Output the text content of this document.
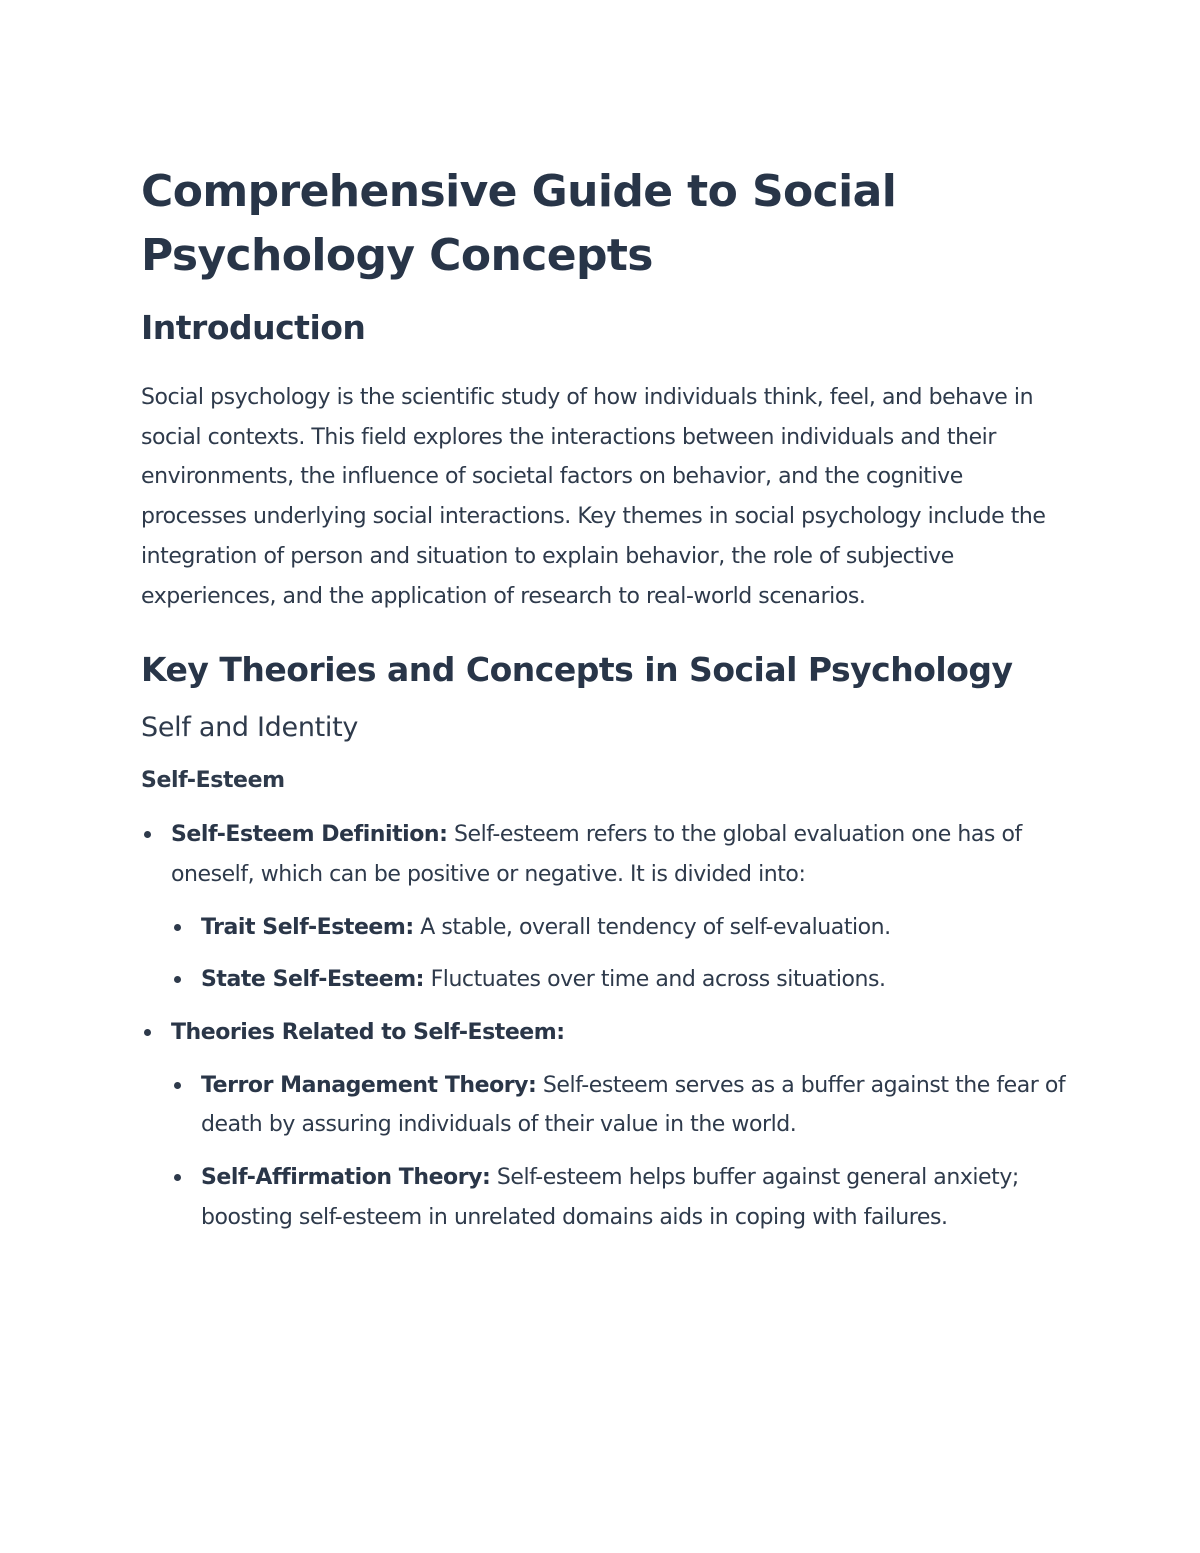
Comprehensive Guide to Social Psychology Concepts
Introduction

Social psychology is the scientific study of how individuals think, feel, and behave in social contexts. This field explores the interactions between individuals and their environments, the influence of societal factors on behavior, and the cognitive processes underlying social interactions. Key themes in social psychology include the integration of person and situation to explain behavior, the role of subjective experiences, and the application of research to real-world scenarios.

Key Theories and Concepts in Social Psychology
Self and Identity
Self-Esteem
Self-Esteem Definition: Self-esteem refers to the global evaluation one has of oneself, which can be positive or negative. It is divided into:
Trait Self-Esteem: A stable, overall tendency of self-evaluation.
State Self-Esteem: Fluctuates over time and across situations.
Theories Related to Self-Esteem:
Terror Management Theory: Self-esteem serves as a buffer against the fear of death by assuring individuals of their value in the world.
Self-Affirmation Theory: Self-esteem helps buffer against general anxiety; boosting self-esteem in unrelated domains aids in coping with failures.
